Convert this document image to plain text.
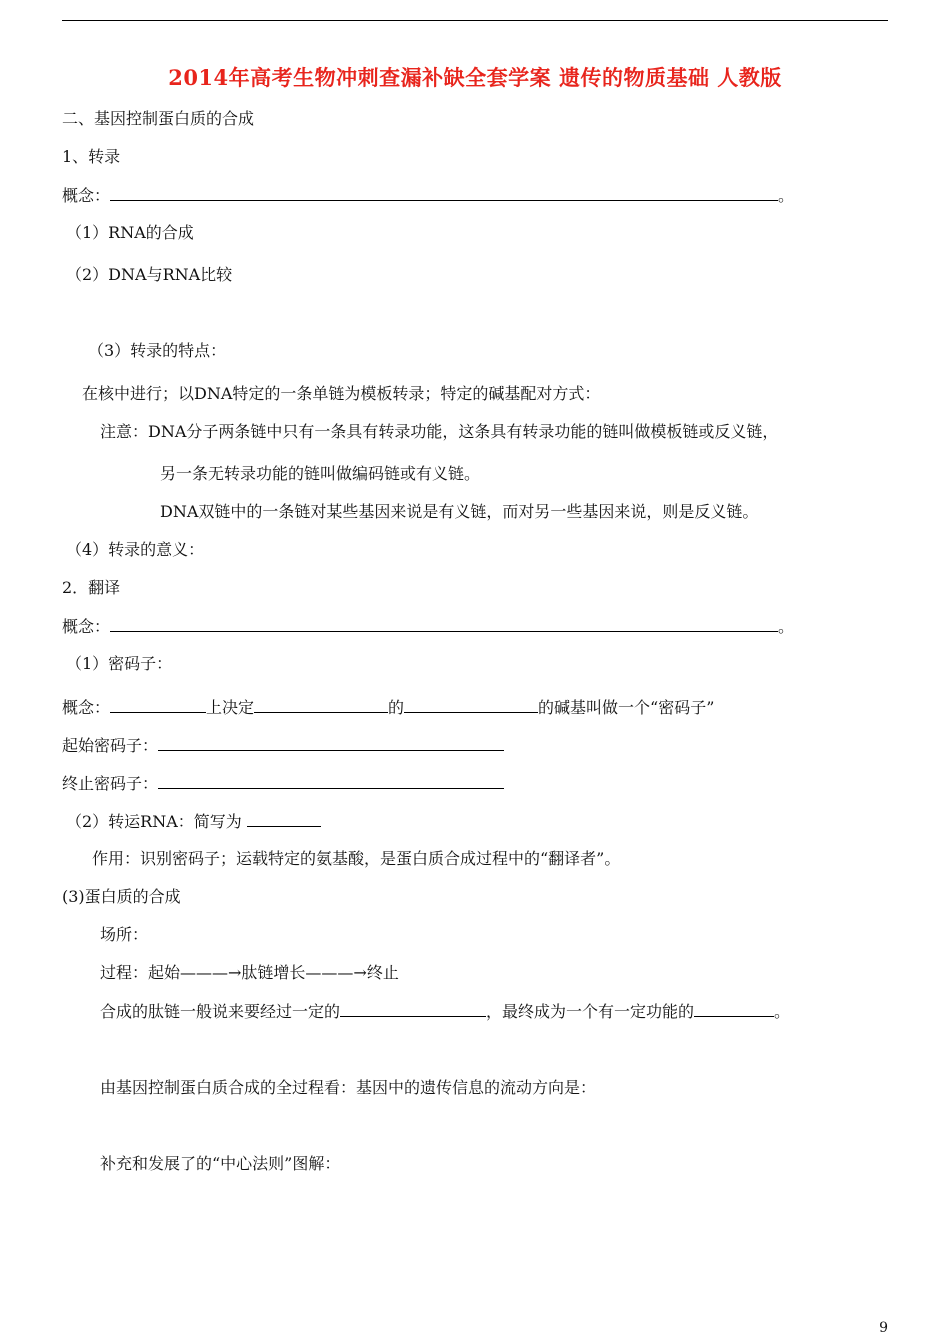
2014年高考生物冲刺查漏补缺全套学案 遗传的物质基础 人教版
二、基因控制蛋白质的合成
1、转录
概念：	。
（1）RNA的合成
（2）DNA与RNA比较
（3）转录的特点：
在核中进行；以DNA特定的一条单链为模板转录；特定的碱基配对方式：
注意：DNA分子两条链中只有一条具有转录功能，这条具有转录功能的链叫做模板链或反义链，
另一条无转录功能的链叫做编码链或有义链。
DNA双链中的一条链对某些基因来说是有义链，而对另一些基因来说，则是反义链。
（4）转录的意义：
2．翻译
概念：	。
（1）密码子：
概念：	上决定	的	的碱基叫做一个“密码子”
起始密码子：
终止密码子：
（2）转运RNA：简写为
作用：识别密码子；运载特定的氨基酸，是蛋白质合成过程中的“翻译者”。
(3)蛋白质的合成
场所：
过程：起始———→肽链增长———→终止
合成的肽链一般说来要经过一定的	，最终成为一个有一定功能的	。
由基因控制蛋白质合成的全过程看：基因中的遗传信息的流动方向是：
补充和发展了的“中心法则”图解：
9
